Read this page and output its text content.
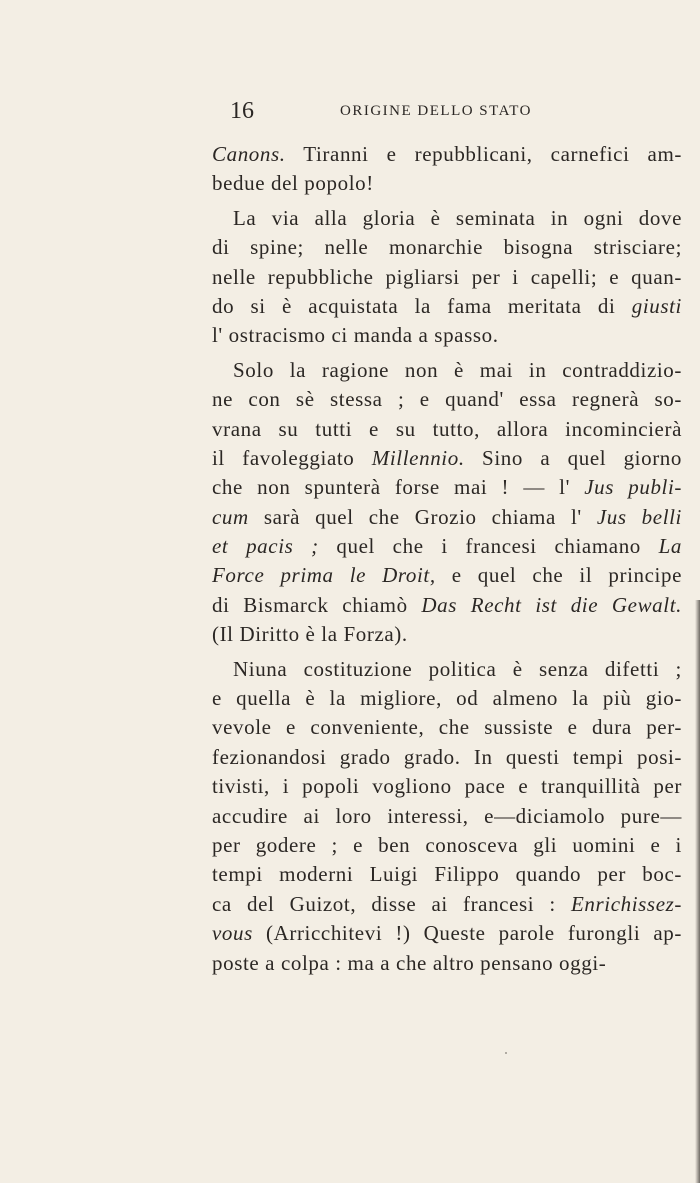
16	ORIGINE DELLO STATO

Canons. Tiranni e repubblicani, carnefici am-
bedue del popolo!

La via alla gloria è seminata in ogni dove
di spine; nelle monarchie bisogna strisciare;
nelle repubbliche pigliarsi per i capelli; e quan-
do si è acquistata la fama meritata di giusti
l' ostracismo ci manda a spasso.

Solo la ragione non è mai in contraddizio-
ne con sè stessa ; e quand' essa regnerà so-
vrana su tutti e su tutto, allora incomincierà
il favoleggiato Millennio. Sino a quel giorno
che non spunterà forse mai ! — l' Jus publi-
cum sarà quel che Grozio chiama l' Jus belli
et pacis ; quel che i francesi chiamano La
Force prima le Droit, e quel che il principe
di Bismarck chiamò Das Recht ist die Gewalt.
(Il Diritto è la Forza).

Niuna costituzione politica è senza difetti ;
e quella è la migliore, od almeno la più gio-
vevole e conveniente, che sussiste e dura per-
fezionandosi grado grado. In questi tempi posi-
tivisti, i popoli vogliono pace e tranquillità per
accudire ai loro interessi, e—diciamolo pure—
per godere ; e ben conosceva gli uomini e i
tempi moderni Luigi Filippo quando per boc-
ca del Guizot, disse ai francesi : Enrichissez-
vous (Arricchitevi !) Queste parole furongli ap-
poste a colpa : ma a che altro pensano oggi-
